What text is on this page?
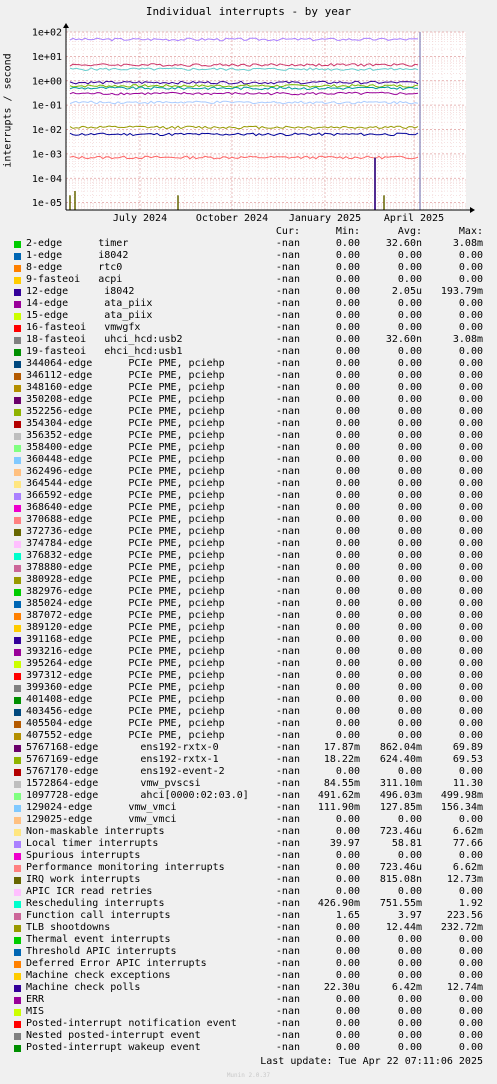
Individual interrupts - by year
interrupts / second
1e-05
1e-04
1e-03
1e-02
1e-01
1e+00
1e+01
1e+02
July 2024	October 2024 January 2025 April 2025
Cur:	Min:	Avg:	Max:
2-edge      timer	-nan	0.00	32.60n	3.08m
1-edge      i8042	-nan	0.00	0.00	0.00
8-edge      rtc0	-nan	0.00	0.00	0.00
9-fasteoi   acpi	-nan	0.00	0.00	0.00
12-edge      i8042	-nan	0.00	2.05u	193.79m
14-edge      ata_piix	-nan	0.00	0.00	0.00
15-edge      ata_piix	-nan	0.00	0.00	0.00
16-fasteoi   vmwgfx	-nan	0.00	0.00	0.00
18-fasteoi   uhci_hcd:usb2	-nan	0.00	32.60n	3.08m
19-fasteoi   ehci_hcd:usb1	-nan	0.00	0.00	0.00
344064-edge      PCIe PME, pciehp	-nan	0.00	0.00	0.00
346112-edge      PCIe PME, pciehp	-nan	0.00	0.00	0.00
348160-edge      PCIe PME, pciehp	-nan	0.00	0.00	0.00
350208-edge      PCIe PME, pciehp	-nan	0.00	0.00	0.00
352256-edge      PCIe PME, pciehp	-nan	0.00	0.00	0.00
354304-edge      PCIe PME, pciehp	-nan	0.00	0.00	0.00
356352-edge      PCIe PME, pciehp	-nan	0.00	0.00	0.00
358400-edge      PCIe PME, pciehp	-nan	0.00	0.00	0.00
360448-edge      PCIe PME, pciehp	-nan	0.00	0.00	0.00
362496-edge      PCIe PME, pciehp	-nan	0.00	0.00	0.00
364544-edge      PCIe PME, pciehp	-nan	0.00	0.00	0.00
366592-edge      PCIe PME, pciehp	-nan	0.00	0.00	0.00
368640-edge      PCIe PME, pciehp	-nan	0.00	0.00	0.00
370688-edge      PCIe PME, pciehp	-nan	0.00	0.00	0.00
372736-edge      PCIe PME, pciehp	-nan	0.00	0.00	0.00
374784-edge      PCIe PME, pciehp	-nan	0.00	0.00	0.00
376832-edge      PCIe PME, pciehp	-nan	0.00	0.00	0.00
378880-edge      PCIe PME, pciehp	-nan	0.00	0.00	0.00
380928-edge      PCIe PME, pciehp	-nan	0.00	0.00	0.00
382976-edge      PCIe PME, pciehp	-nan	0.00	0.00	0.00
385024-edge      PCIe PME, pciehp	-nan	0.00	0.00	0.00
387072-edge      PCIe PME, pciehp	-nan	0.00	0.00	0.00
389120-edge      PCIe PME, pciehp	-nan	0.00	0.00	0.00
391168-edge      PCIe PME, pciehp	-nan	0.00	0.00	0.00
393216-edge      PCIe PME, pciehp	-nan	0.00	0.00	0.00
395264-edge      PCIe PME, pciehp	-nan	0.00	0.00	0.00
397312-edge      PCIe PME, pciehp	-nan	0.00	0.00	0.00
399360-edge      PCIe PME, pciehp	-nan	0.00	0.00	0.00
401408-edge      PCIe PME, pciehp	-nan	0.00	0.00	0.00
403456-edge      PCIe PME, pciehp	-nan	0.00	0.00	0.00
405504-edge      PCIe PME, pciehp	-nan	0.00	0.00	0.00
407552-edge      PCIe PME, pciehp	-nan	0.00	0.00	0.00
5767168-edge       ens192-rxtx-0	-nan	17.87m	862.04m	69.89
5767169-edge       ens192-rxtx-1	-nan	18.22m	624.40m	69.53
5767170-edge       ens192-event-2	-nan	0.00	0.00	0.00
1572864-edge       vmw_pvscsi	-nan	84.55m	311.10m	11.30
1097728-edge       ahci[0000:02:03.0]	-nan	491.62m	496.03m	499.98m
129024-edge      vmw_vmci	-nan	111.90m	127.85m	156.34m
129025-edge      vmw_vmci	-nan	0.00	0.00	0.00
Non-maskable interrupts	-nan	0.00	723.46u	6.62m
Local timer interrupts	-nan	39.97	58.81	77.66
Spurious interrupts	-nan	0.00	0.00	0.00
Performance monitoring interrupts	-nan	0.00	723.46u	6.62m
IRQ work interrupts	-nan	0.00	815.08n	12.73m
APIC ICR read retries	-nan	0.00	0.00	0.00
Rescheduling interrupts	-nan	426.90m	751.55m	1.92
Function call interrupts	-nan	1.65	3.97	223.56
TLB shootdowns	-nan	0.00	12.44m	232.72m
Thermal event interrupts	-nan	0.00	0.00	0.00
Threshold APIC interrupts	-nan	0.00	0.00	0.00
Deferred Error APIC interrupts	-nan	0.00	0.00	0.00
Machine check exceptions	-nan	0.00	0.00	0.00
Machine check polls	-nan	22.30u	6.42m	12.74m
ERR	-nan	0.00	0.00	0.00
MIS	-nan	0.00	0.00	0.00
Posted-interrupt notification event	-nan	0.00	0.00	0.00
Nested posted-interrupt event	-nan	0.00	0.00	0.00
Posted-interrupt wakeup event	-nan	0.00	0.00	0.00
Last update: Tue Apr 22 07:11:06 2025
Munin 2.0.37
